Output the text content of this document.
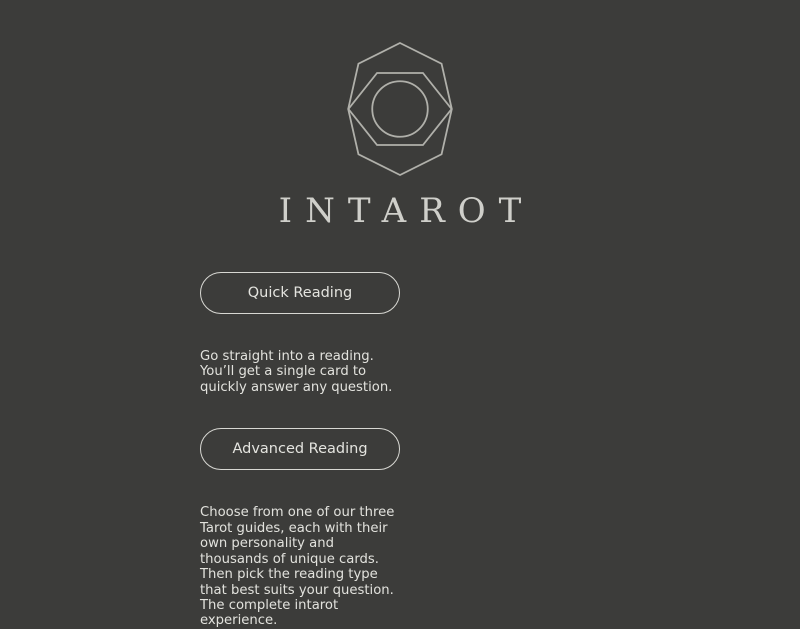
INTAROT
Quick Reading

Go straight into a reading. You’ll get a single card to quickly answer any question.

Advanced Reading

Choose from one of our three Tarot guides, each with their own personality and thousands of unique cards. Then pick the reading type that best suits your question. The complete intarot experience.
